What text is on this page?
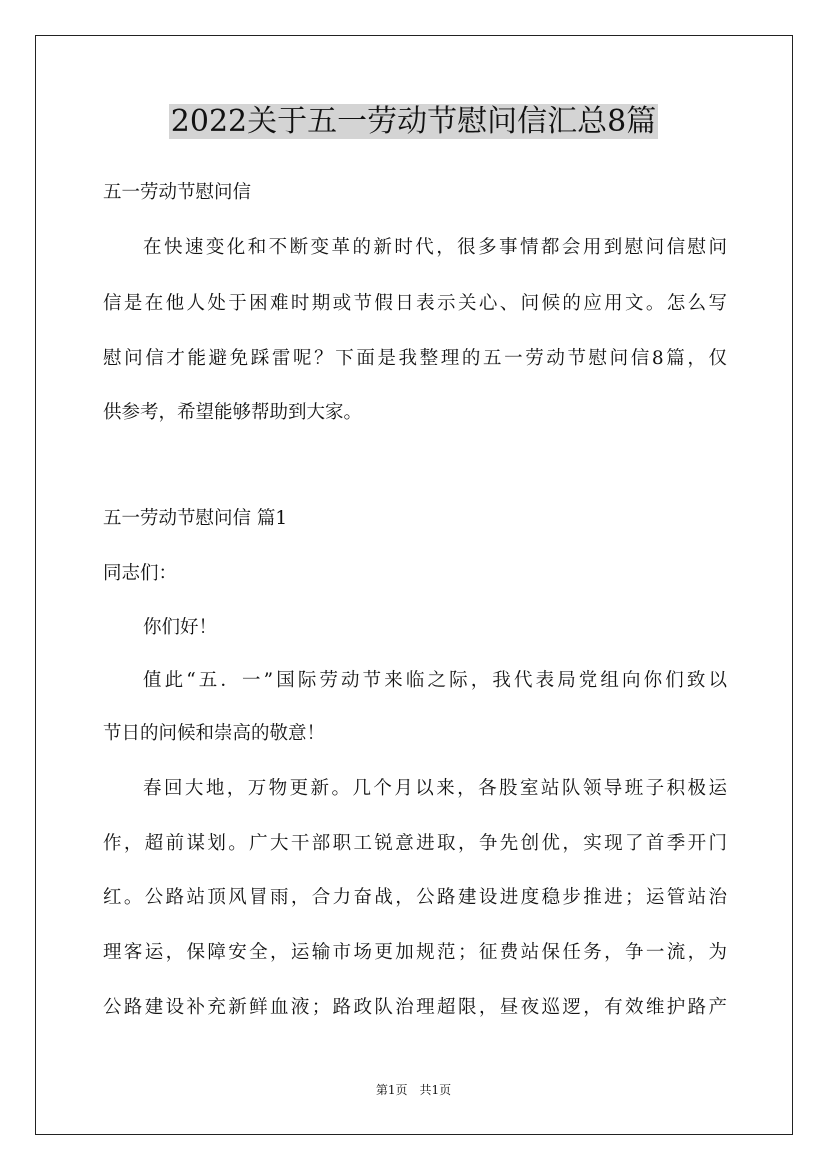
2022关于五一劳动节慰问信汇总8篇
五一劳动节慰问信
在快速变化和不断变革的新时代，很多事情都会用到慰问信慰问
信是在他人处于困难时期或节假日表示关心、问候的应用文。怎么写
慰问信才能避免踩雷呢？下面是我整理的五一劳动节慰问信8篇，仅
供参考，希望能够帮助到大家。
五一劳动节慰问信 篇1
同志们：
你们好！
值此“五．一”国际劳动节来临之际，我代表局党组向你们致以
节日的问候和崇高的敬意！
春回大地，万物更新。几个月以来，各股室站队领导班子积极运
作，超前谋划。广大干部职工锐意进取，争先创优，实现了首季开门
红。公路站顶风冒雨，合力奋战，公路建设进度稳步推进；运管站治
理客运，保障安全，运输市场更加规范；征费站保任务，争一流，为
公路建设补充新鲜血液；路政队治理超限，昼夜巡逻，有效维护路产
第1页　共1页
